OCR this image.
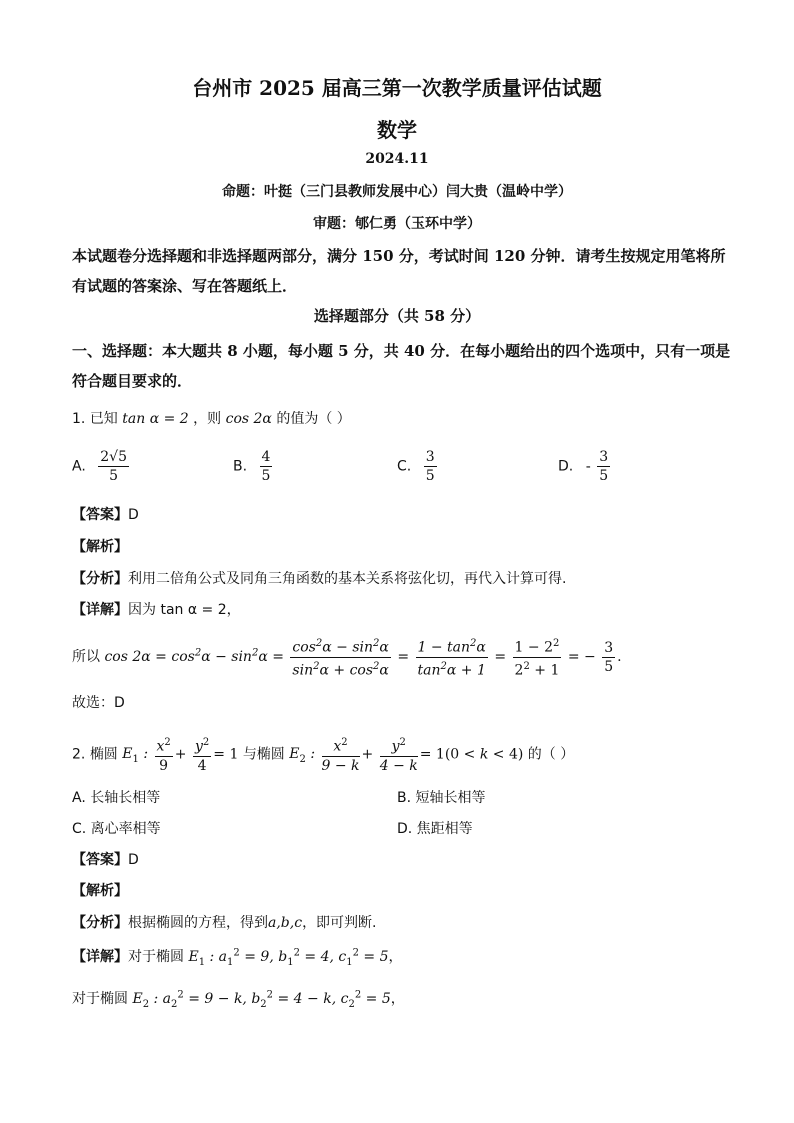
台州市 2025 届高三第一次教学质量评估试题
数学
2024.11
命题：叶挺（三门县教师发展中心）闫大贵（温岭中学）
审题：郇仁勇（玉环中学）
本试题卷分选择题和非选择题两部分，满分 150 分，考试时间 120 分钟．请考生按规定用笔将所有试题的答案涂、写在答题纸上．
选择题部分（共 58 分）
一、选择题：本大题共 8 小题，每小题 5 分，共 40 分．在每小题给出的四个选项中，只有一项是符合题目要求的．
1. 已知 tan α = 2 ，则 cos 2α 的值为（ ）
A. $\frac{2√5}{5}$	B. $\frac{4}{5}$	C. $\frac{3}{5}$	D. - $\frac{3}{5}$
【答案】D
【解析】
【分析】利用二倍角公式及同角三角函数的基本关系将弦化切，再代入计算可得.
【详解】因为 tan α = 2，
所以 $\cos 2\alpha = \cos^2\alpha - \sin^2\alpha = \frac{\cos^2\alpha - \sin^2\alpha}{\sin^2\alpha + \cos^2\alpha} = \frac{1 - \tan^2\alpha}{\tan^2\alpha + 1} = \frac{1 - 2^2}{2^2 + 1}$ = − $\frac{3}{5}$ .
故选：D
2. 椭圆 $E_1$ : $\frac{x^2}{9} + \frac{y^2}{4} = 1$ 与椭圆 $E_2$ : $\frac{x^2}{9 - k} + \frac{y^2}{4 - k} = 1(0 < k < 4)$ 的（ ）
A. 长轴长相等	B. 短轴长相等
C. 离心率相等	D. 焦距相等
【答案】D
【解析】
【分析】根据椭圆的方程，得到a,b,c，即可判断.
【详解】对于椭圆 $E_1$ : $a_1^2 = 9$, $b_1^2 = 4$, $c_1^2 = 5$，
对于椭圆 $E_2$ : $a_2^2 = 9 - k$, $b_2^2 = 4 - k$, $c_2^2 = 5$，
